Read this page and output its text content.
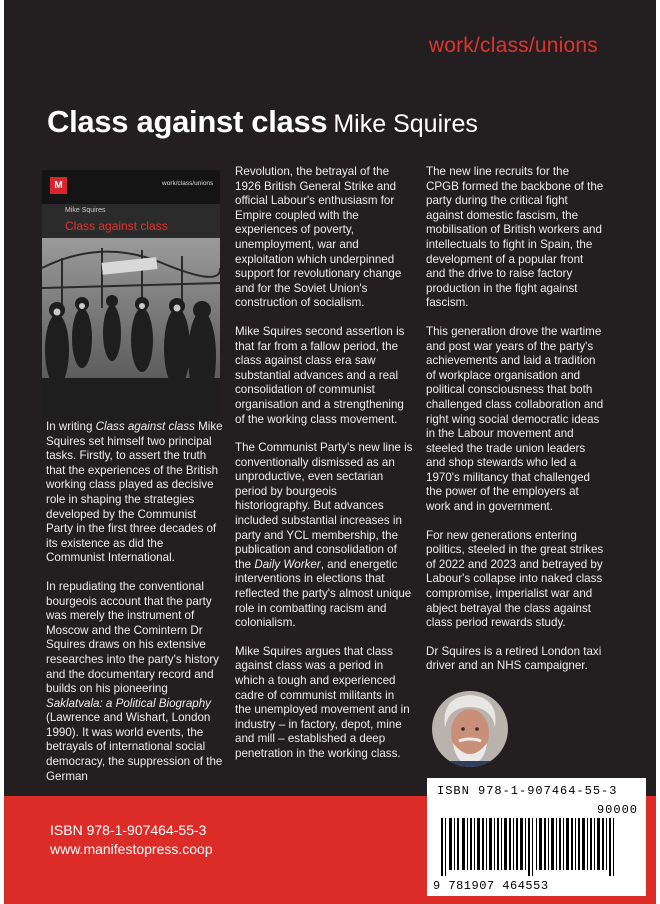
work/class/unions
Class against class Mike Squires
M	work/class/unions
Mike Squires
Class against class

In writing Class against class Mike Squires set himself two principal tasks. Firstly, to assert the truth that the experiences of the British working class played as decisive role in shaping the strategies developed by the Communist Party in the first three decades of its existence as did the Communist International.

In repudiating the conventional bourgeois account that the party was merely the instrument of Moscow and the Comintern Dr Squires draws on his extensive researches into the party's history and the documentary record and builds on his pioneering Saklatvala: a Political Biography (Lawrence and Wishart, London 1990). It was world events, the betrayals of international social democracy, the suppression of the German

Revolution, the betrayal of the 1926 British General Strike and official Labour's enthusiasm for Empire coupled with the experiences of poverty, unemployment, war and exploitation which underpinned support for revolutionary change and for the Soviet Union's construction of socialism.

Mike Squires second assertion is that far from a fallow period, the class against class era saw substantial advances and a real consolidation of communist organisation and a strengthening of the working class movement.

The Communist Party's new line is conventionally dismissed as an unproductive, even sectarian period by bourgeois historiography. But advances included substantial increases in party and YCL membership, the publication and consolidation of the Daily Worker, and energetic interventions in elections that reflected the party's almost unique role in combatting racism and colonialism.

Mike Squires argues that class against class was a period in which a tough and experienced cadre of communist militants in the unemployed movement and in industry – in factory, depot, mine and mill – established a deep penetration in the working class.

The new line recruits for the CPGB formed the backbone of the party during the critical fight against domestic fascism, the mobilisation of British workers and intellectuals to fight in Spain, the development of a popular front and the drive to raise factory production in the fight against fascism.

This generation drove the wartime and post war years of the party's achievements and laid a tradition of workplace organisation and political consciousness that both challenged class collaboration and right wing social democratic ideas in the Labour movement and steeled the trade union leaders and shop stewards who led a 1970's militancy that challenged the power of the employers at work and in government.

For new generations entering politics, steeled in the great strikes of 2022 and 2023 and betrayed by Labour's collapse into naked class compromise, imperialist war and abject betrayal the class against class period rewards study.

Dr Squires is a retired London taxi driver and an NHS campaigner.

ISBN 978-1-907464-55-3
www.manifestopress.coop
ISBN 978-1-907464-55-3
90000
9 781907 464553
